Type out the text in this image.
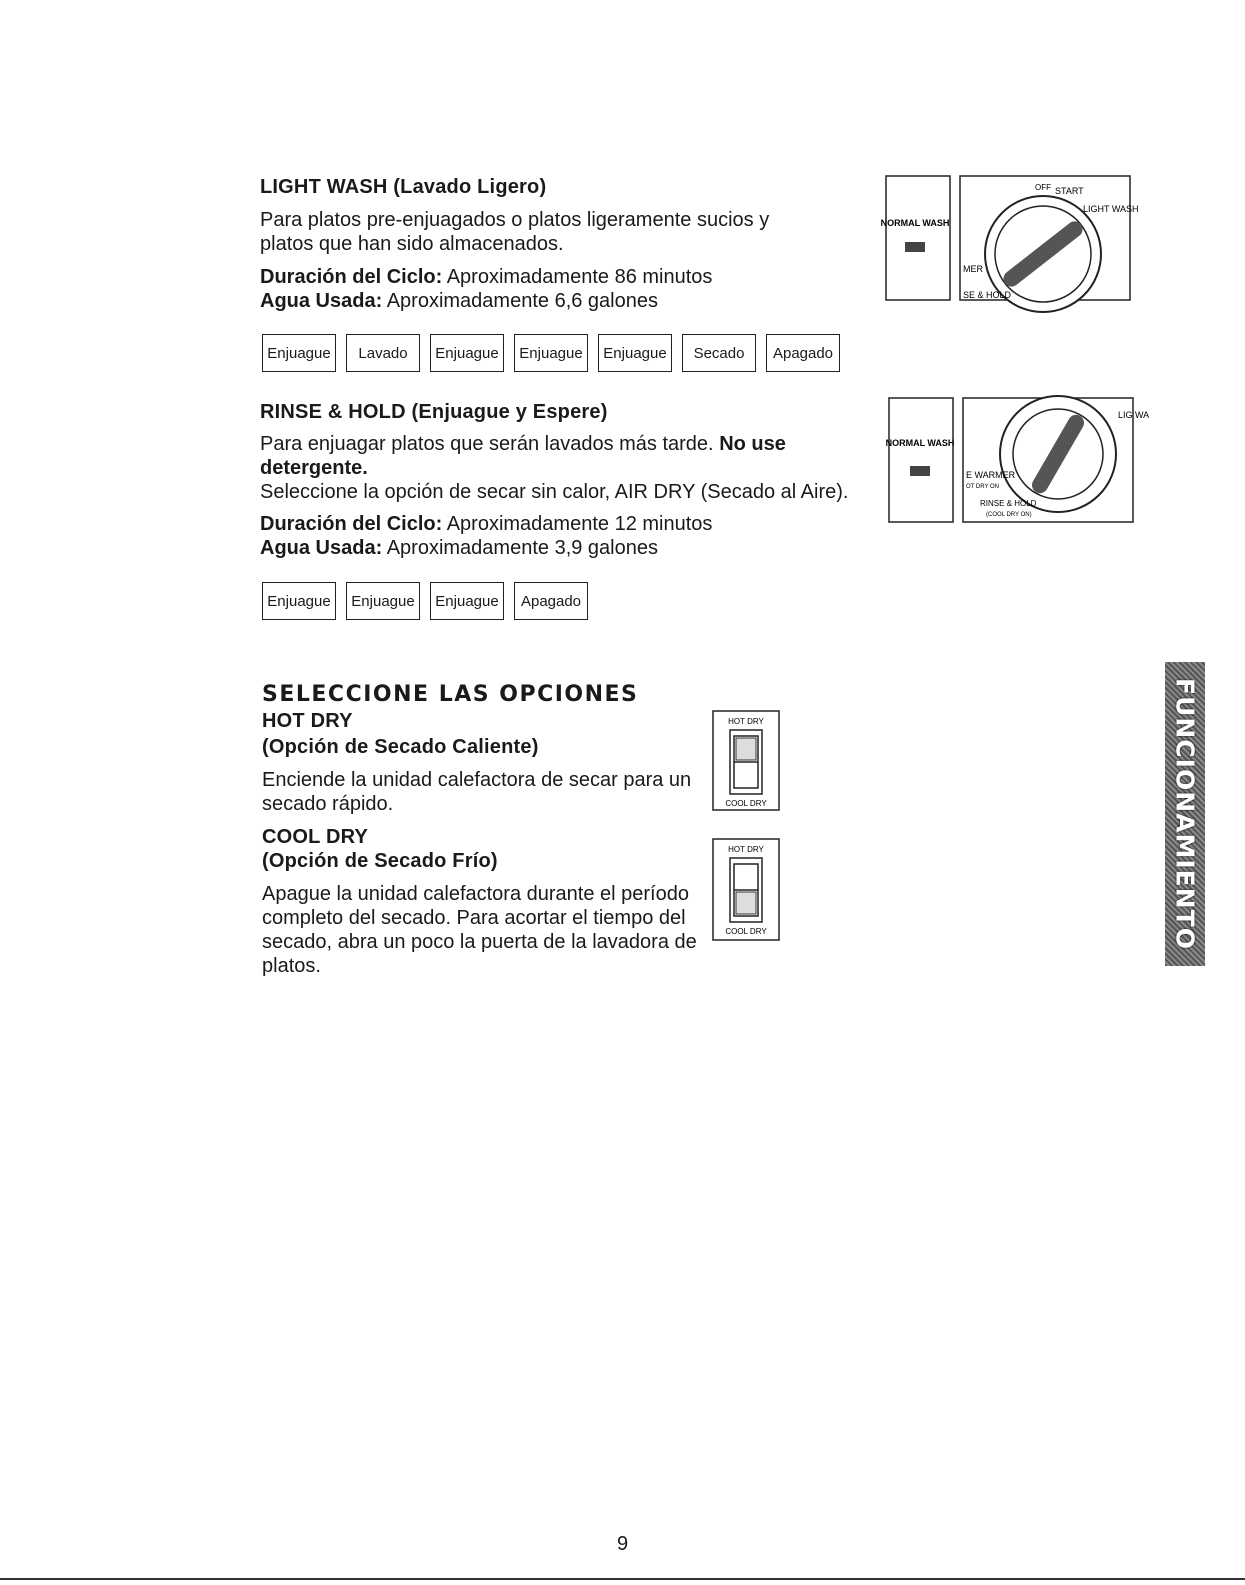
LIGHT WASH (Lavado Ligero)
Para platos pre-enjuagados o platos ligeramente sucios y platos que han sido almacenados.
Duración del Ciclo: Aproximadamente 86 minutos
Agua Usada: Aproximadamente 6,6 galones
Enjuague	Lavado	Enjuague	Enjuague	Enjuague	Secado	Apagado
NORMAL WASH
OFF START
LIGHT WASH
MER
SE & HOLD
RINSE & HOLD (Enjuague y Espere)
Para enjuagar platos que serán lavados más tarde. No use detergente.
Seleccione la opción de secar sin calor, AIR DRY (Secado al Aire).
Duración del Ciclo: Aproximadamente 12 minutos
Agua Usada: Aproximadamente 3,9 galones
Enjuague	Enjuague	Enjuague	Apagado
NORMAL WASH
LIG WA
E WARMER
OT DRY ON
RINSE & HOLD
(COOL DRY ON)
SELECCIONE LAS OPCIONES
HOT DRY
(Opción de Secado Caliente)
Enciende la unidad calefactora de secar para un secado rápido.
COOL DRY
(Opción de Secado Frío)
Apague la unidad calefactora durante el período completo del secado. Para acortar el tiempo del secado, abra un poco la puerta de la lavadora de platos.
HOT DRY
COOL DRY
HOT DRY
COOL DRY	FUNCIONAMIENTO
9
